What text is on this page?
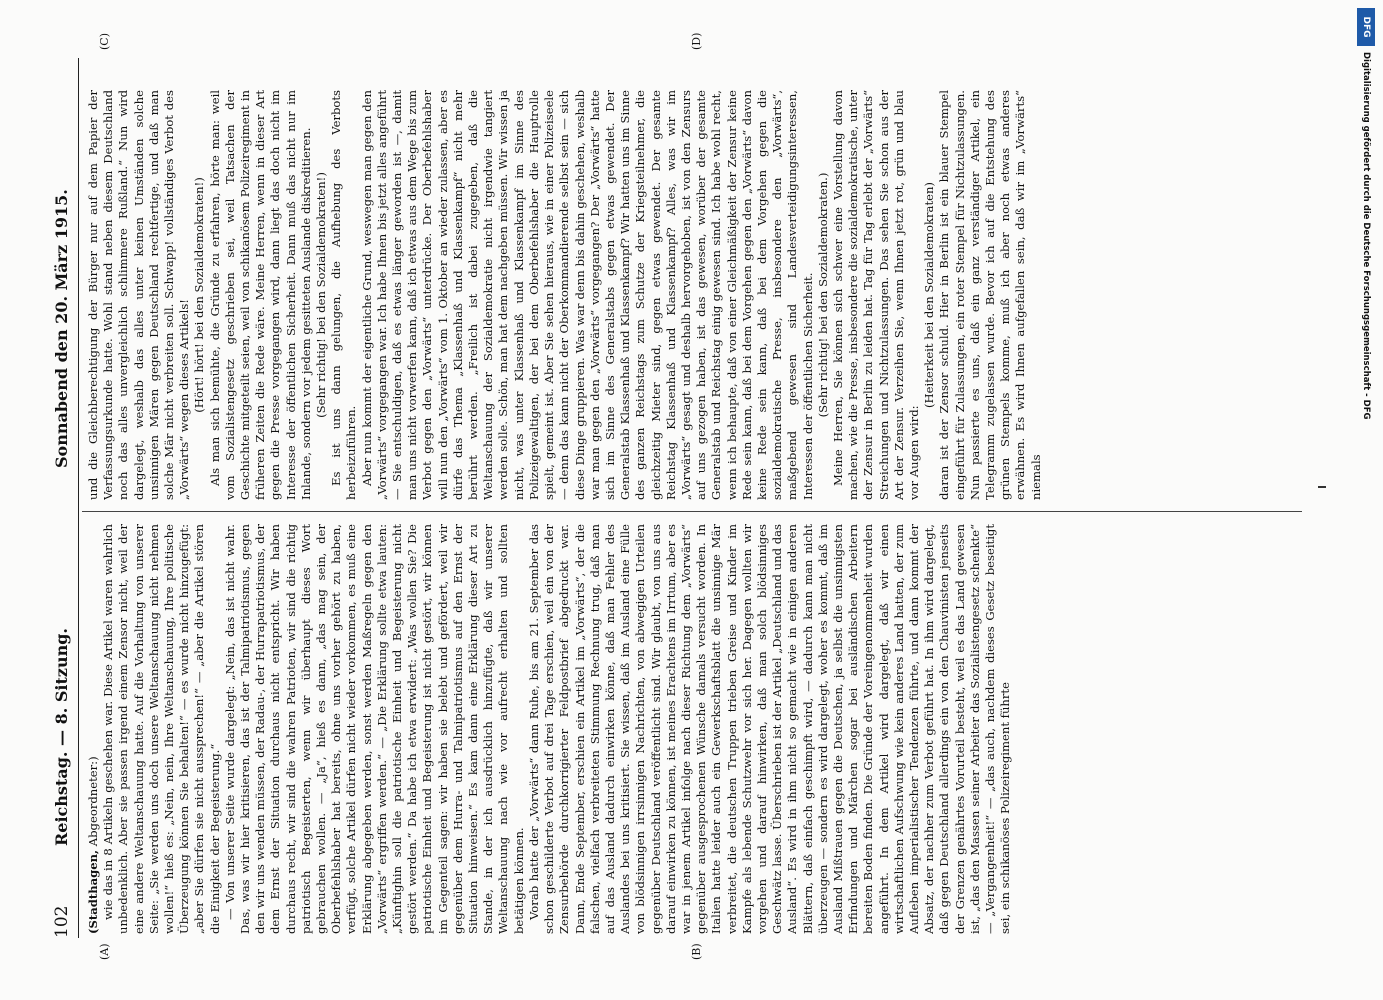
102
Reichstag. — 8. Sitzung.
Sonnabend den 20. März 1915.
(A)	(B)
(C)	(D)

(Stadthagen, Abgeordneter:) wie das in 8 Artikeln geschehen war. Diese Artikel waren wahrlich unbedenklich. Aber sie passen irgend einem Zensor nicht, weil der eine andere Weltanschauung hatte. Auf die Vorhaltung von unserer Seite: „Sie werden uns doch unsere Weltanschauung nicht nehmen wollen!“ hieß es: „Nein, nein, Ihre Weltanschauung, Ihre politische Überzeugung können Sie behalten!“ — es wurde nicht hinzugefügt: „aber Sie dürfen sie nicht aussprechen!“ — „aber die Artikel stören die Einigkeit der Begeisterung.“ — Von unserer Seite wurde dargelegt: „Nein, das ist nicht wahr. Das, was wir hier kritisieren, das ist der Talmipatriotismus, gegen den wir uns wenden müssen, der Radau-, der Hurrapatriotismus, der dem Ernst der Situation durchaus nicht entspricht. Wir haben durchaus recht, wir sind die wahren Patrioten, wir sind die richtig patriotisch Begeisterten, wenn wir überhaupt dieses Wort gebrauchen wollen. — „Ja“, hieß es dann, „das mag sein, der Oberbefehlshaber hat bereits, ohne uns vorher gehört zu haben, verfügt, solche Artikel dürfen nicht wieder vorkommen, es muß eine Erklärung abgegeben werden, sonst werden Maßregeln gegen den „Vorwärts“ ergriffen werden.“ — „Die Erklärung sollte etwa lauten: „Künftighin soll die patriotische Einheit und Begeisterung nicht gestört werden.“ Da habe ich etwa erwidert: „Was wollen Sie? Die patriotische Einheit und Begeisterung ist nicht gestört, wir können im Gegenteil sagen: wir haben sie belebt und gefördert, weil wir gegenüber dem Hurra- und Talmipatriotismus auf den Ernst der Situation hinweisen.“ Es kam dann eine Erklärung dieser Art zu Stande, in der ich ausdrücklich hinzufügte, daß wir unserer Weltanschauung nach wie vor aufrecht erhalten und sollten betätigen können. Vorab hatte der „Vorwärts“ dann Ruhe, bis am 21. September das schon geschilderte Verbot auf drei Tage erschien, weil ein von der Zensurbehörde durchkorrigierter Feldpostbrief abgedruckt war. Dann, Ende September, erschien ein Artikel im „Vorwärts“, der die falschen, vielfach verbreiteten Stimmung Rechnung trug, daß man auf das Ausland dadurch einwirken könne, daß man Fehler des Auslandes bei uns kritisiert. Sie wissen, daß im Ausland eine Fülle von blödsinnigen irrsinnigen Nachrichten, von abwegigen Urteilen gegenüber Deutschland veröffentlicht sind. Wir glaubt, von uns aus darauf einwirken zu können, ist meines Erachtens im Irrtum, aber es war in jenem Artikel infolge nach dieser Richtung dem „Vorwärts“ gegenüber ausgesprochenen Wünsche damals versucht worden. In Italien hatte leider auch ein Gewerkschaftsblatt die unsinnige Mär verbreitet, die deutschen Truppen trieben Greise und Kinder im Kampfe als lebende Schutzwehr vor sich her. Dagegen wollten wir vorgehen und darauf hinwirken, daß man solch blödsinniges Geschwätz lasse. Überschrieben ist der Artikel „Deutschland und das Ausland“. Es wird in ihm nicht so gemacht wie in einigen anderen Blättern, daß einfach geschimpft wird, — dadurch kann man nicht überzeugen — sondern es wird dargelegt, woher es kommt, daß im Ausland Mißtrauen gegen die Deutschen, ja selbst die unsinnigsten Erfindungen und Märchen sogar bei ausländischen Arbeitern bereiten Boden finden. Die Gründe der Voreingenommenheit wurden angeführt. In dem Artikel wird dargelegt, daß wir einen wirtschaftlichen Aufschwung wie kein anderes Land hatten, der zum Aufleben imperialistischer Tendenzen führte, und dann kommt der Absatz, der nachher zum Verbot geführt hat. In ihm wird dargelegt, daß gegen Deutschland allerdings ein von den Chauvinisten jenseits der Grenzen genährtes Vorurteil besteht, weil es das Land gewesen ist, „das den Massen seiner Arbeiter das Sozialistengesetz schenkte“ — „Vergangenheit!“ — „das auch, nachdem dieses Gesetz beseitigt sei, ein schikanöses Polizeiregiment führte

und die Gleichberechtigung der Bürger nur auf dem Papier der Verfassungsurkunde hatte. Wohl stand neben diesem Deutschland noch das alles unvergleichlich schlimmere Rußland.“ Nun wird dargelegt, weshalb das alles unter keinen Umständen solche unsinnigen Mären gegen Deutschland rechtfertige, und daß man solche Mär nicht verbreiten soll. Schwapp! vollständiges Verbot des „Vorwärts“ wegen dieses Artikels! (Hört! hört! bei den Sozialdemokraten!) Als man sich bemühte, die Gründe zu erfahren, hörte man: weil vom Sozialistengesetz geschrieben sei, weil Tatsachen der Geschichte mitgeteilt seien, weil von schikanösem Polizeiregiment in früheren Zeiten die Rede wäre. Meine Herren, wenn in dieser Art gegen die Presse vorgegangen wird, dann liegt das doch nicht im Interesse der öffentlichen Sicherheit. Dann muß das nicht nur im Inlande, sondern vor jedem gesitteten Auslande diskreditieren. (Sehr richtig! bei den Sozialdemokraten!) Es ist uns dann gelungen, die Aufhebung des Verbots herbeizuführen. Aber nun kommt der eigentliche Grund, weswegen man gegen den „Vorwärts“ vorgegangen war. Ich habe Ihnen bis jetzt alles angeführt — Sie entschuldigen, daß es etwas länger geworden ist —, damit man uns nicht vorwerfen kann, daß ich etwas aus dem Wege bis zum Verbot gegen den „Vorwärts“ unterdrücke. Der Oberbefehlshaber will nun den „Vorwärts“ vom 1. Oktober an wieder zulassen, aber es dürfe das Thema „Klassenhaß und Klassenkampf“ nicht mehr berührt werden. „Freilich ist dabei zugegeben, daß die Weltanschauung der Sozialdemokratie nicht irgendwie tangiert werden solle. Schön, man hat dem nachgeben müssen. Wir wissen ja nicht, was unter Klassenhaß und Klassenkampf im Sinne des Polizeigewaltigen, der bei dem Oberbefehlshaber die Hauptrolle spielt, gemeint ist. Aber Sie sehen hieraus, wie in einer Polizeiseele — denn das kann nicht der Oberkommandierende selbst sein — sich diese Dinge gruppieren. Was war denn bis dahin geschehen, weshalb war man gegen den „Vorwärts“ vorgegangen? Der „Vorwärts“ hatte sich im Sinne des Generalstabs gegen etwas gewendet. Der Generalstab Klassenhaß und Klassenkampf? Wir hatten uns im Sinne des ganzen Reichstags zum Schutze der Kriegsteilnehmer, die gleichzeitig Mieter sind, gegen etwas gewendet. Der gesamte Reichstag Klassenhaß und Klassenkampf? Alles, was wir im „Vorwärts“ gesagt und deshalb hervorgehoben, ist von den Zensurs auf uns gezogen haben, ist das gewesen, worüber der gesamte Generalstab und Reichstag einig gewesen sind. Ich habe wohl recht, wenn ich behaupte, daß von einer Gleichmäßigkeit der Zensur keine Rede sein kann, daß bei dem Vorgehen gegen den „Vorwärts“ davon keine Rede sein kann, daß bei dem Vorgehen gegen die sozialdemokratische Presse, insbesondere den „Vorwärts“, maßgebend gewesen sind Landesverteidigungsinteressen, Interessen der öffentlichen Sicherheit. (Sehr richtig! bei den Sozialdemokraten.) Meine Herren, Sie können sich schwer eine Vorstellung davon machen, wie die Presse, insbesondere die sozialdemokratische, unter der Zensur in Berlin zu leiden hat. Tag für Tag erlebt der „Vorwärts“ Streichungen und Nichtzulassungen. Das sehen Sie schon aus der Art der Zensur. Verzeihen Sie, wenn Ihnen jetzt rot, grün und blau vor Augen wird:

(Heiterkeit bei den Sozialdemokraten) daran ist der Zensor schuld. Hier in Berlin ist ein blauer Stempel eingeführt für Zulassungen, ein roter Stempel für Nichtzulassungen. Nun passierte es uns, daß ein ganz verständiger Artikel, ein Telegramm zugelassen wurde. Bevor ich auf die Entstehung des grünen Stempels komme, muß ich aber noch etwas anderes erwähnen. Es wird Ihnen aufgefallen sein, daß wir im „Vorwärts“ niemals

DFG
Digitalisierung gefördert durch die Deutsche Forschungsgemeinschaft - DFG
